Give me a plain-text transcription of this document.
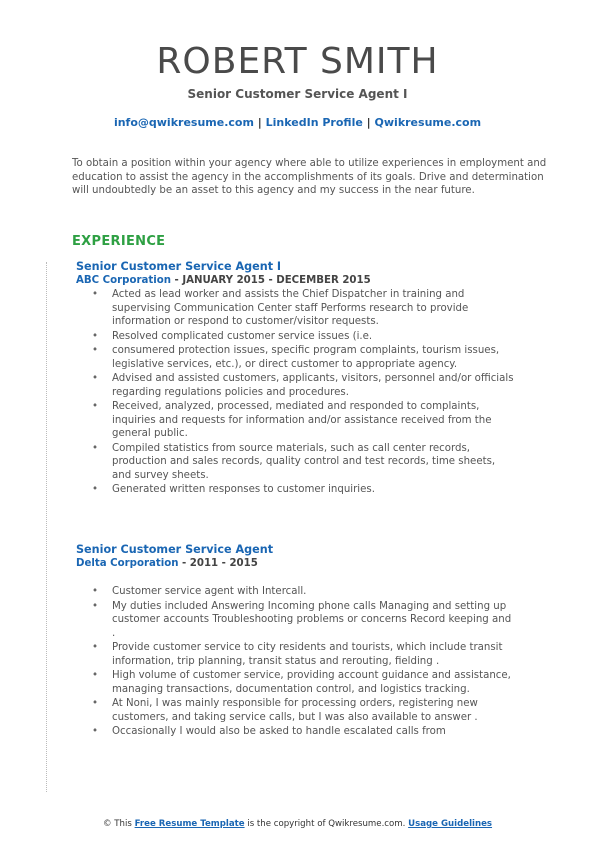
ROBERT SMITH
Senior Customer Service Agent I
info@qwikresume.com | LinkedIn Profile | Qwikresume.com
To obtain a position within your agency where able to utilize experiences in employment and education to assist the agency in the accomplishments of its goals. Drive and determination will undoubtedly be an asset to this agency and my success in the near future.
EXPERIENCE
Senior Customer Service Agent I
ABC Corporation - JANUARY 2015 - DECEMBER 2015
• Acted as lead worker and assists the Chief Dispatcher in training and supervising Communication Center staff Performs research to provide information or respond to customer/visitor requests.
• Resolved complicated customer service issues (i.e.
• consumered protection issues, specific program complaints, tourism issues, legislative services, etc.), or direct customer to appropriate agency.
• Advised and assisted customers, applicants, visitors, personnel and/or officials regarding regulations policies and procedures.
• Received, analyzed, processed, mediated and responded to complaints, inquiries and requests for information and/or assistance received from the general public.
• Compiled statistics from source materials, such as call center records, production and sales records, quality control and test records, time sheets, and survey sheets.
• Generated written responses to customer inquiries.
Senior Customer Service Agent
Delta Corporation - 2011 - 2015
• Customer service agent with Intercall.
• My duties included Answering Incoming phone calls Managing and setting up customer accounts Troubleshooting problems or concerns Record keeping and .
• Provide customer service to city residents and tourists, which include transit information, trip planning, transit status and rerouting, fielding .
• High volume of customer service, providing account guidance and assistance, managing transactions, documentation control, and logistics tracking.
• At Noni, I was mainly responsible for processing orders, registering new customers, and taking service calls, but I was also available to answer .
• Occasionally I would also be asked to handle escalated calls from
© This Free Resume Template is the copyright of Qwikresume.com. Usage Guidelines
